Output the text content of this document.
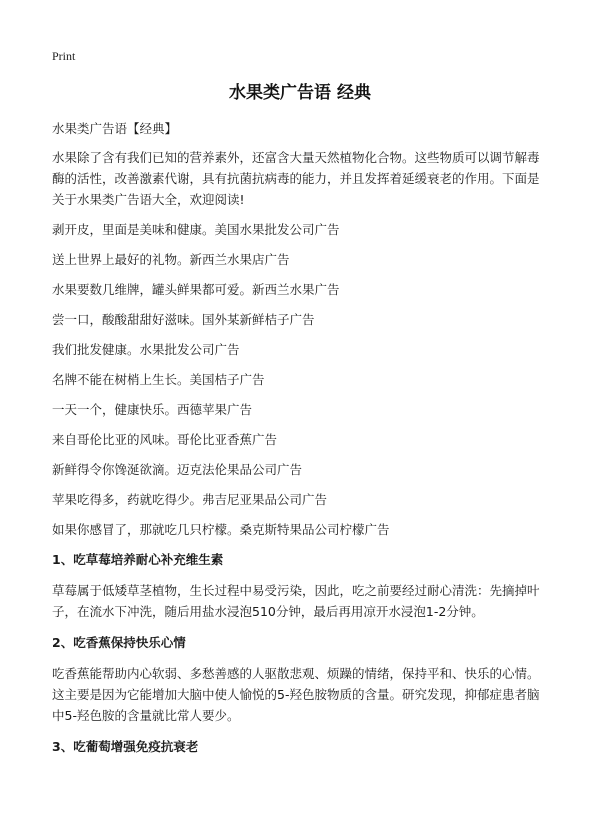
Print
水果类广告语 经典

水果类广告语【经典】

水果除了含有我们已知的营养素外，还富含大量天然植物化合物。这些物质可以调节解毒酶的活性，改善激素代谢，具有抗菌抗病毒的能力，并且发挥着延缓衰老的作用。下面是关于水果类广告语大全，欢迎阅读!

剥开皮，里面是美味和健康。美国水果批发公司广告

送上世界上最好的礼物。新西兰水果店广告

水果要数几维牌，罐头鲜果都可爱。新西兰水果广告

尝一口，酸酸甜甜好滋味。国外某新鲜桔子广告

我们批发健康。水果批发公司广告

名牌不能在树梢上生长。美国桔子广告

一天一个，健康快乐。西德苹果广告

来自哥伦比亚的风味。哥伦比亚香蕉广告

新鲜得令你馋涎欲滴。迈克法伦果品公司广告

苹果吃得多，药就吃得少。弗吉尼亚果品公司广告

如果你感冒了，那就吃几只柠檬。桑克斯特果品公司柠檬广告

1、吃草莓培养耐心补充维生素

草莓属于低矮草茎植物，生长过程中易受污染，因此，吃之前要经过耐心清洗：先摘掉叶子，在流水下冲洗，随后用盐水浸泡510分钟，最后再用凉开水浸泡1-2分钟。

2、吃香蕉保持快乐心情

吃香蕉能帮助内心软弱、多愁善感的人驱散悲观、烦躁的情绪，保持平和、快乐的心情。这主要是因为它能增加大脑中使人愉悦的5-羟色胺物质的含量。研究发现，抑郁症患者脑中5-羟色胺的含量就比常人要少。

3、吃葡萄增强免疫抗衰老
